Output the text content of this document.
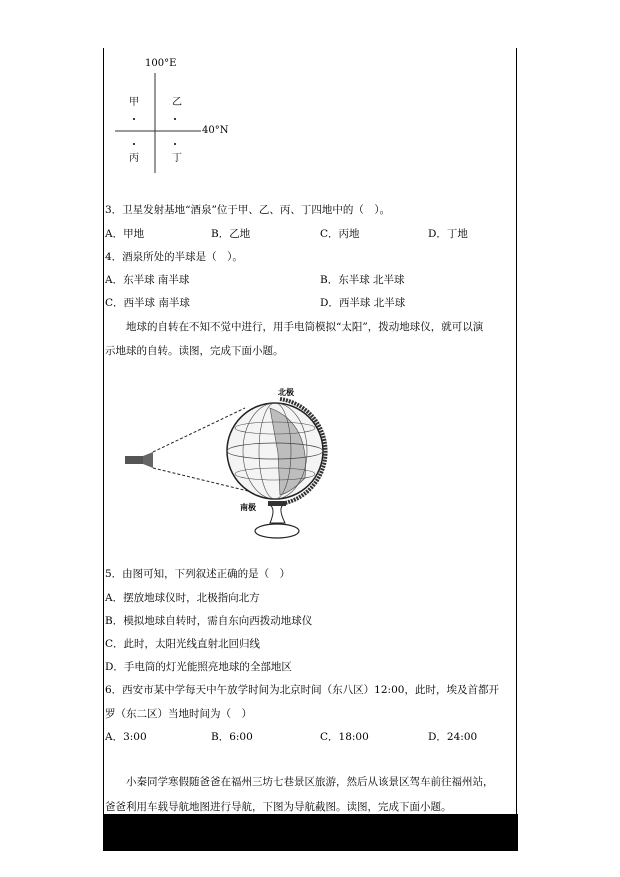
100°E
40°N
甲	乙
丙	丁
3．卫星发射基地“酒泉”位于甲、乙、丙、丁四地中的（　）。
A．甲地	B．乙地	C．丙地	D．丁地
4．酒泉所处的半球是（　）。
A．东半球 南半球	B．东半球 北半球
C．西半球 南半球	D．西半球 北半球
地球的自转在不知不觉中进行，用手电筒模拟“太阳”，拨动地球仪，就可以演
示地球的自转。读图，完成下面小题。
北极
南极
5．由图可知，下列叙述正确的是（　）
A．摆放地球仪时，北极指向北方
B．模拟地球自转时，需自东向西拨动地球仪
C．此时，太阳光线直射北回归线
D．手电筒的灯光能照亮地球的全部地区
6．西安市某中学每天中午放学时间为北京时间（东八区）12:00，此时，埃及首都开
罗（东二区）当地时间为（　）
A．3:00	B．6:00	C．18:00	D．24:00
小秦同学寒假随爸爸在福州三坊七巷景区旅游，然后从该景区驾车前往福州站，
爸爸利用车载导航地图进行导航，下图为导航截图。读图，完成下面小题。
